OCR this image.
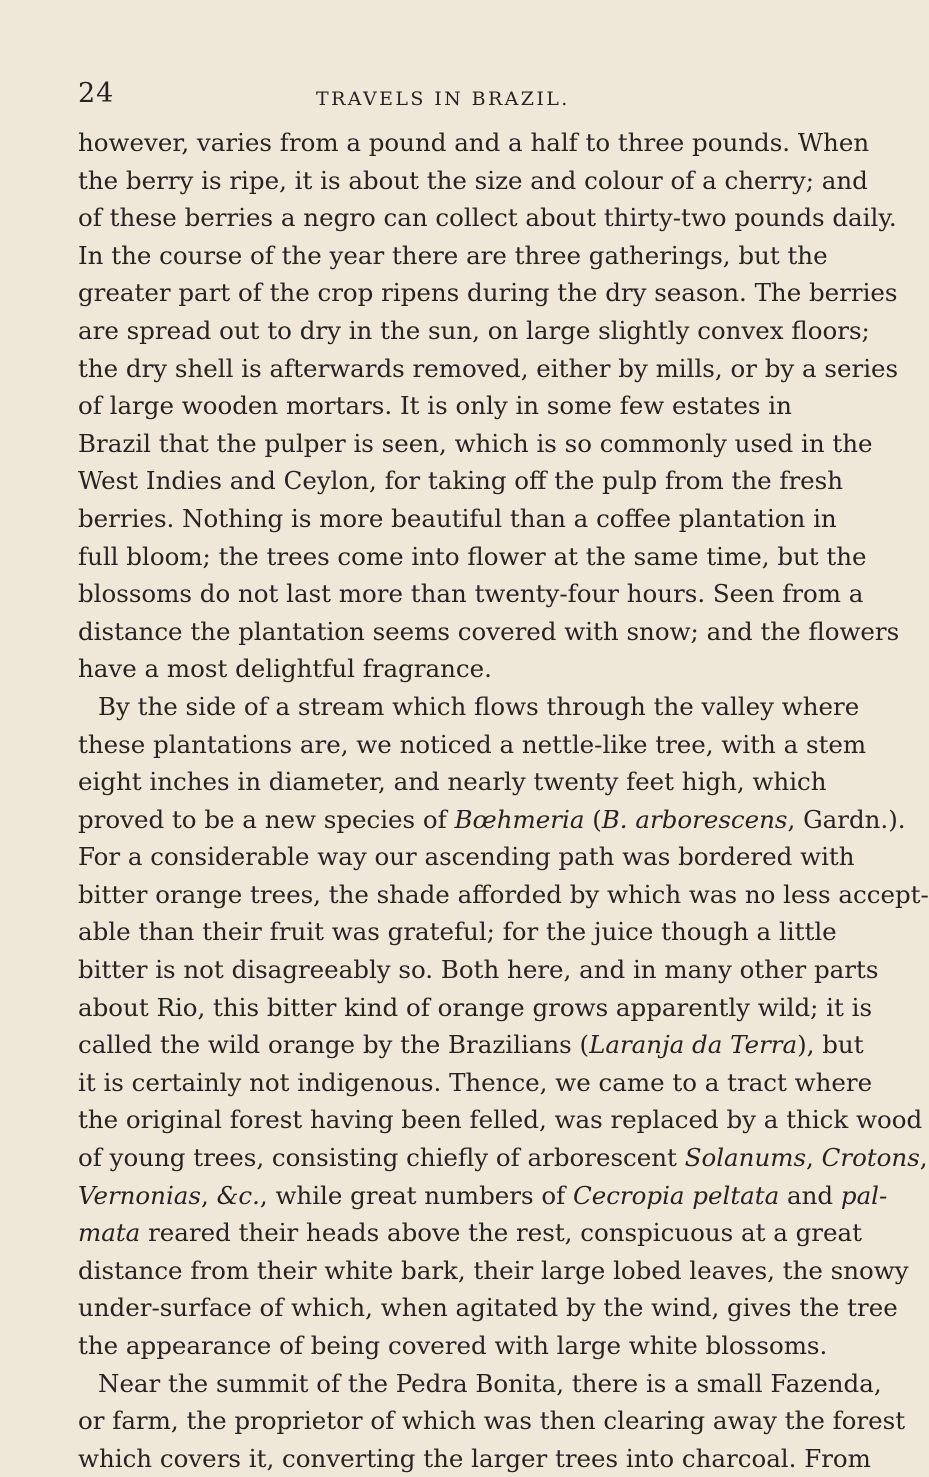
24	TRAVELS IN BRAZIL.
however, varies from a pound and a half to three pounds. When
the berry is ripe, it is about the size and colour of a cherry; and
of these berries a negro can collect about thirty-two pounds daily.
In the course of the year there are three gatherings, but the
greater part of the crop ripens during the dry season. The berries
are spread out to dry in the sun, on large slightly convex floors;
the dry shell is afterwards removed, either by mills, or by a series
of large wooden mortars. It is only in some few estates in
Brazil that the pulper is seen, which is so commonly used in the
West Indies and Ceylon, for taking off the pulp from the fresh
berries. Nothing is more beautiful than a coffee plantation in
full bloom; the trees come into flower at the same time, but the
blossoms do not last more than twenty-four hours. Seen from a
distance the plantation seems covered with snow; and the flowers
have a most delightful fragrance.
By the side of a stream which flows through the valley where
these plantations are, we noticed a nettle-like tree, with a stem
eight inches in diameter, and nearly twenty feet high, which
proved to be a new species of Bœhmeria (B. arborescens, Gardn.).
For a considerable way our ascending path was bordered with
bitter orange trees, the shade afforded by which was no less accept-
able than their fruit was grateful; for the juice though a little
bitter is not disagreeably so. Both here, and in many other parts
about Rio, this bitter kind of orange grows apparently wild; it is
called the wild orange by the Brazilians (Laranja da Terra), but
it is certainly not indigenous. Thence, we came to a tract where
the original forest having been felled, was replaced by a thick wood
of young trees, consisting chiefly of arborescent Solanums, Crotons,
Vernonias, &c., while great numbers of Cecropia peltata and pal-
mata reared their heads above the rest, conspicuous at a great
distance from their white bark, their large lobed leaves, the snowy
under-surface of which, when agitated by the wind, gives the tree
the appearance of being covered with large white blossoms.
Near the summit of the Pedra Bonita, there is a small Fazenda,
or farm, the proprietor of which was then clearing away the forest
which covers it, converting the larger trees into charcoal. From
